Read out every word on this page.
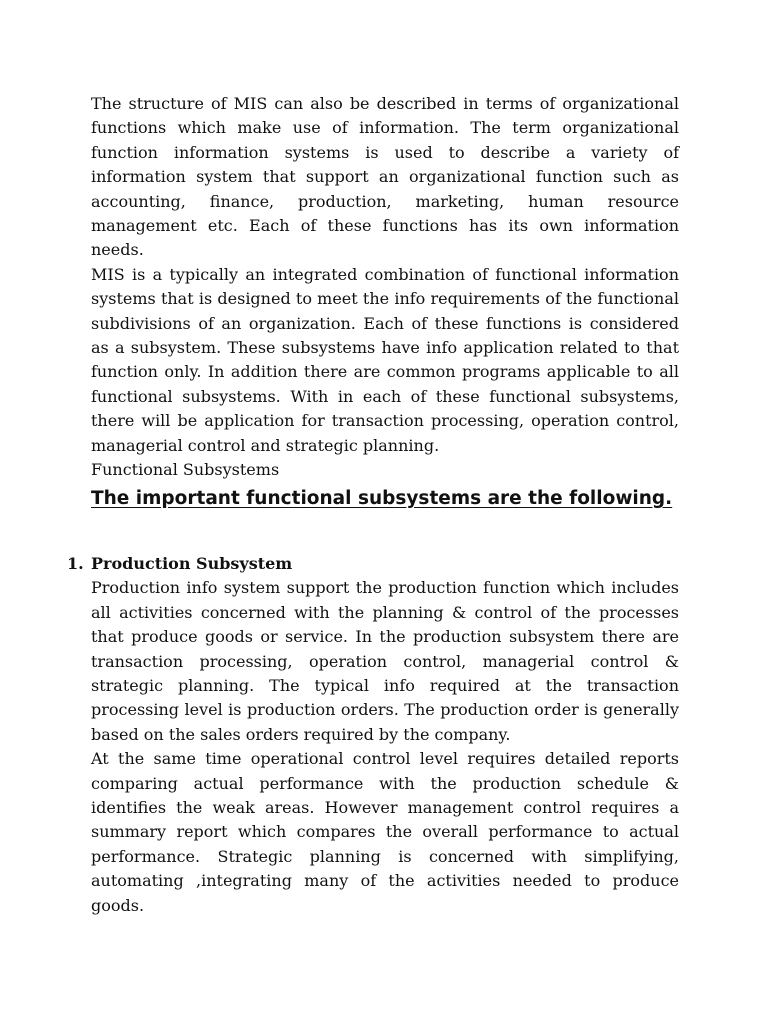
The structure of MIS can also be described in terms of organizational functions which make use of information. The term organizational function information systems is used to describe a variety of information system that support an organizational function such as accounting, finance, production, marketing, human resource management etc. Each of these functions has its own information needs.

MIS is a typically an integrated combination of functional information systems that is designed to meet the info requirements of the functional subdivisions of an organization. Each of these functions is considered as a subsystem. These subsystems have info application related to that function only. In addition there are common programs applicable to all functional subsystems. With in each of these functional subsystems, there will be application for transaction processing, operation control, managerial control and strategic planning.

Functional Subsystems

The important functional subsystems are the following.

1. Production Subsystem

Production info system support the production function which includes all activities concerned with the planning & control of the processes that produce goods or service. In the production subsystem there are transaction processing, operation control, managerial control & strategic planning. The typical info required at the transaction processing level is production orders. The production order is generally based on the sales orders required by the company.

At the same time operational control level requires detailed reports comparing actual performance with the production schedule & identifies the weak areas. However management control requires a summary report which compares the overall performance to actual performance. Strategic planning is concerned with simplifying, automating ,integrating many of the activities needed to produce goods.
